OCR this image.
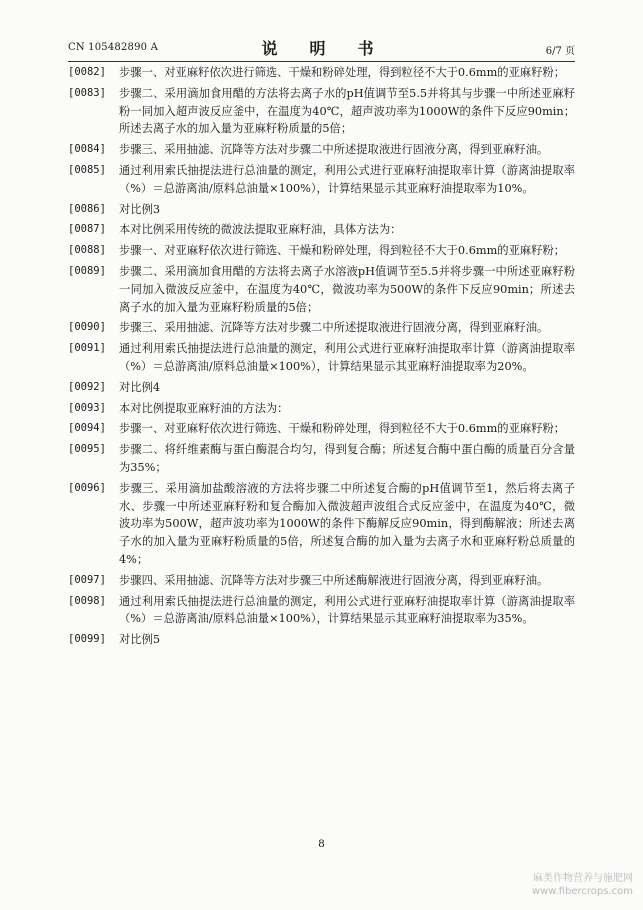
CN 105482890 A	说　明　书	6/7 页
[0082] 步骤一、对亚麻籽依次进行筛选、干燥和粉碎处理，得到粒径不大于0.6mm的亚麻籽粉；
[0083] 步骤二、采用滴加食用醋的方法将去离子水的pH值调节至5.5并将其与步骤一中所述亚麻籽粉一同加入超声波反应釜中，在温度为40℃，超声波功率为1000W的条件下反应90min；所述去离子水的加入量为亚麻籽粉质量的5倍；
[0084] 步骤三、采用抽滤、沉降等方法对步骤二中所述提取液进行固液分离，得到亚麻籽油。
[0085] 通过利用索氏抽提法进行总油量的测定，利用公式进行亚麻籽油提取率计算（游离油提取率（%）＝总游离油/原料总油量×100%），计算结果显示其亚麻籽油提取率为10%。
[0086] 对比例3
[0087] 本对比例采用传统的微波法提取亚麻籽油，具体方法为：
[0088] 步骤一、对亚麻籽依次进行筛选、干燥和粉碎处理，得到粒径不大于0.6mm的亚麻籽粉；
[0089] 步骤二、采用滴加食用醋的方法将去离子水溶液pH值调节至5.5并将步骤一中所述亚麻籽粉一同加入微波反应釜中，在温度为40℃，微波功率为500W的条件下反应90min；所述去离子水的加入量为亚麻籽粉质量的5倍；
[0090] 步骤三、采用抽滤、沉降等方法对步骤二中所述提取液进行固液分离，得到亚麻籽油。
[0091] 通过利用索氏抽提法进行总油量的测定，利用公式进行亚麻籽油提取率计算（游离油提取率（%）＝总游离油/原料总油量×100%），计算结果显示其亚麻籽油提取率为20%。
[0092] 对比例4
[0093] 本对比例提取亚麻籽油的方法为：
[0094] 步骤一、对亚麻籽依次进行筛选、干燥和粉碎处理，得到粒径不大于0.6mm的亚麻籽粉；
[0095] 步骤二、将纤维素酶与蛋白酶混合均匀，得到复合酶；所述复合酶中蛋白酶的质量百分含量为35%；
[0096] 步骤三、采用滴加盐酸溶液的方法将步骤二中所述复合酶的pH值调节至1，然后将去离子水、步骤一中所述亚麻籽粉和复合酶加入微波超声波组合式反应釜中，在温度为40℃，微波功率为500W，超声波功率为1000W的条件下酶解反应90min，得到酶解液；所述去离子水的加入量为亚麻籽粉质量的5倍，所述复合酶的加入量为去离子水和亚麻籽粉总质量的4%；
[0097] 步骤四、采用抽滤、沉降等方法对步骤三中所述酶解液进行固液分离，得到亚麻籽油。
[0098] 通过利用索氏抽提法进行总油量的测定，利用公式进行亚麻籽油提取率计算（游离油提取率（%）＝总游离油/原料总油量×100%），计算结果显示其亚麻籽油提取率为35%。
[0099] 对比例5
8
麻类作物营养与施肥网
www.fibercrops.com
